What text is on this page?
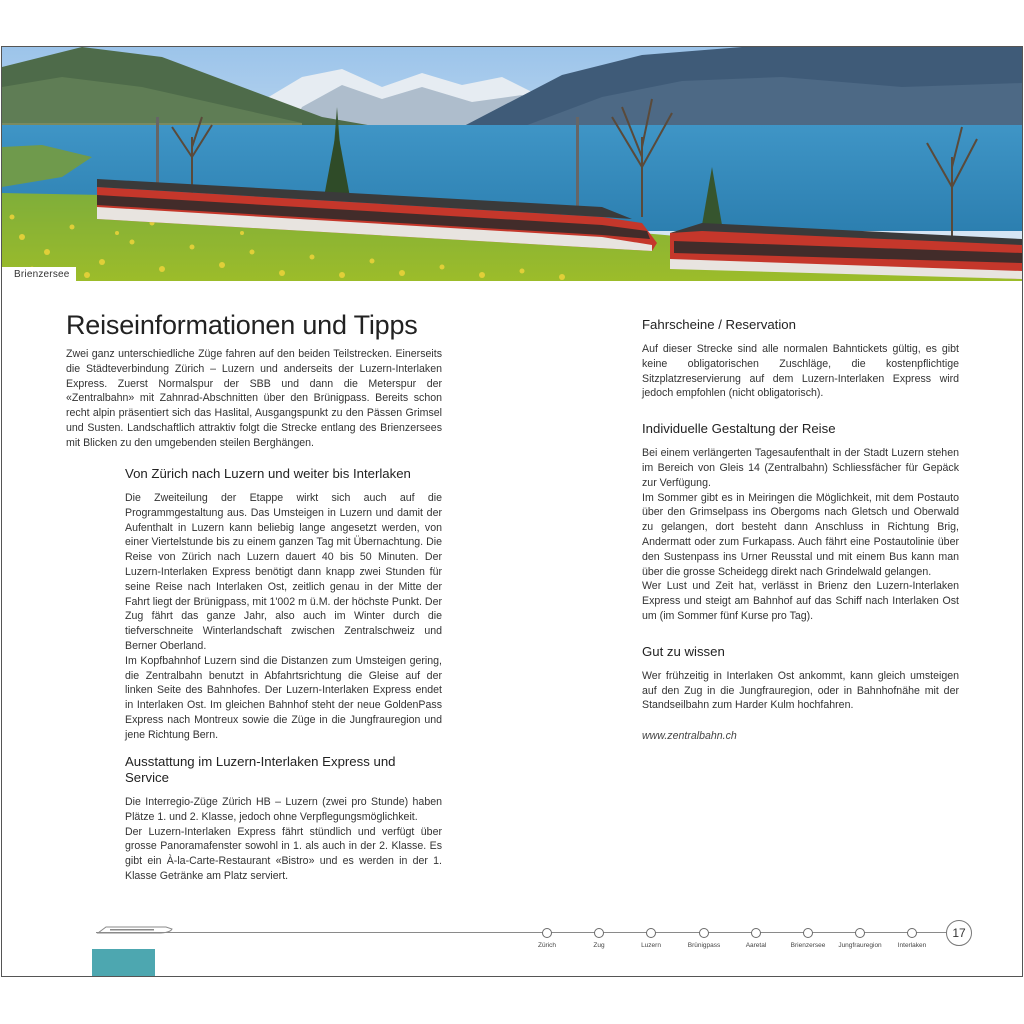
Brienzersee
Reiseinformationen und Tipps

Zwei ganz unterschiedliche Züge fahren auf den beiden Teilstrecken. Einerseits die Städteverbindung Zürich – Luzern und anderseits der Luzern-Interlaken Express. Zuerst Normalspur der SBB und dann die Meterspur der «Zentralbahn» mit Zahnrad-Abschnitten über den Brünigpass. Bereits schon recht alpin präsentiert sich das Haslital, Ausgangspunkt zu den Pässen Grimsel und Susten. Landschaftlich attraktiv folgt die Strecke entlang des Brienzersees mit Blicken zu den umgebenden steilen Berghängen.

Von Zürich nach Luzern und weiter bis Interlaken

Die Zweiteilung der Etappe wirkt sich auch auf die Programmgestaltung aus. Das Umsteigen in Luzern und damit der Aufenthalt in Luzern kann beliebig lange angesetzt werden, von einer Viertelstunde bis zu einem ganzen Tag mit Übernachtung. Die Reise von Zürich nach Luzern dauert 40 bis 50 Minuten. Der Luzern-Interlaken Express benötigt dann knapp zwei Stunden für seine Reise nach Interlaken Ost, zeitlich genau in der Mitte der Fahrt liegt der Brünigpass, mit 1'002 m ü.M. der höchste Punkt. Der Zug fährt das ganze Jahr, also auch im Winter durch die tiefverschneite Winterlandschaft zwischen Zentralschweiz und Berner Oberland.

Im Kopfbahnhof Luzern sind die Distanzen zum Umsteigen gering, die Zentralbahn benutzt in Abfahrtsrichtung die Gleise auf der linken Seite des Bahnhofes. Der Luzern-Interlaken Express endet in Interlaken Ost. Im gleichen Bahnhof steht der neue GoldenPass Express nach Montreux sowie die Züge in die Jungfrauregion und jene Richtung Bern.

Ausstattung im Luzern-Interlaken Express und Service

Die Interregio-Züge Zürich HB – Luzern (zwei pro Stunde) haben Plätze 1. und 2. Klasse, jedoch ohne Verpflegungsmöglichkeit.

Der Luzern-Interlaken Express fährt stündlich und verfügt über grosse Panoramafenster sowohl in 1. als auch in der 2. Klasse. Es gibt ein À-la-Carte-Restaurant «Bistro» und es werden in der 1. Klasse Getränke am Platz serviert.

Fahrscheine / Reservation

Auf dieser Strecke sind alle normalen Bahntickets gültig, es gibt keine obligatorischen Zuschläge, die kostenpflichtige Sitzplatzreservierung auf dem Luzern-Interlaken Express wird jedoch empfohlen (nicht obligatorisch).

Individuelle Gestaltung der Reise

Bei einem verlängerten Tagesaufenthalt in der Stadt Luzern stehen im Bereich von Gleis 14 (Zentralbahn) Schliessfächer für Gepäck zur Verfügung.

Im Sommer gibt es in Meiringen die Möglichkeit, mit dem Postauto über den Grimselpass ins Obergoms nach Gletsch und Oberwald zu gelangen, dort besteht dann Anschluss in Richtung Brig, Andermatt oder zum Furkapass. Auch fährt eine Postautolinie über den Sustenpass ins Urner Reusstal und mit einem Bus kann man über die grosse Scheidegg direkt nach Grindelwald gelangen.

Wer Lust und Zeit hat, verlässt in Brienz den Luzern-Interlaken Express und steigt am Bahnhof auf das Schiff nach Interlaken Ost um (im Sommer fünf Kurse pro Tag).

Gut zu wissen

Wer frühzeitig in Interlaken Ost ankommt, kann gleich umsteigen auf den Zug in die Jungfrauregion, oder in Bahnhofnähe mit der Standseilbahn zum Harder Kulm hochfahren.

www.zentralbahn.ch

Zürich	Zug	Luzern	Brünigpass	Aaretal	Brienzersee	Jungfrauregion	Interlaken
17
